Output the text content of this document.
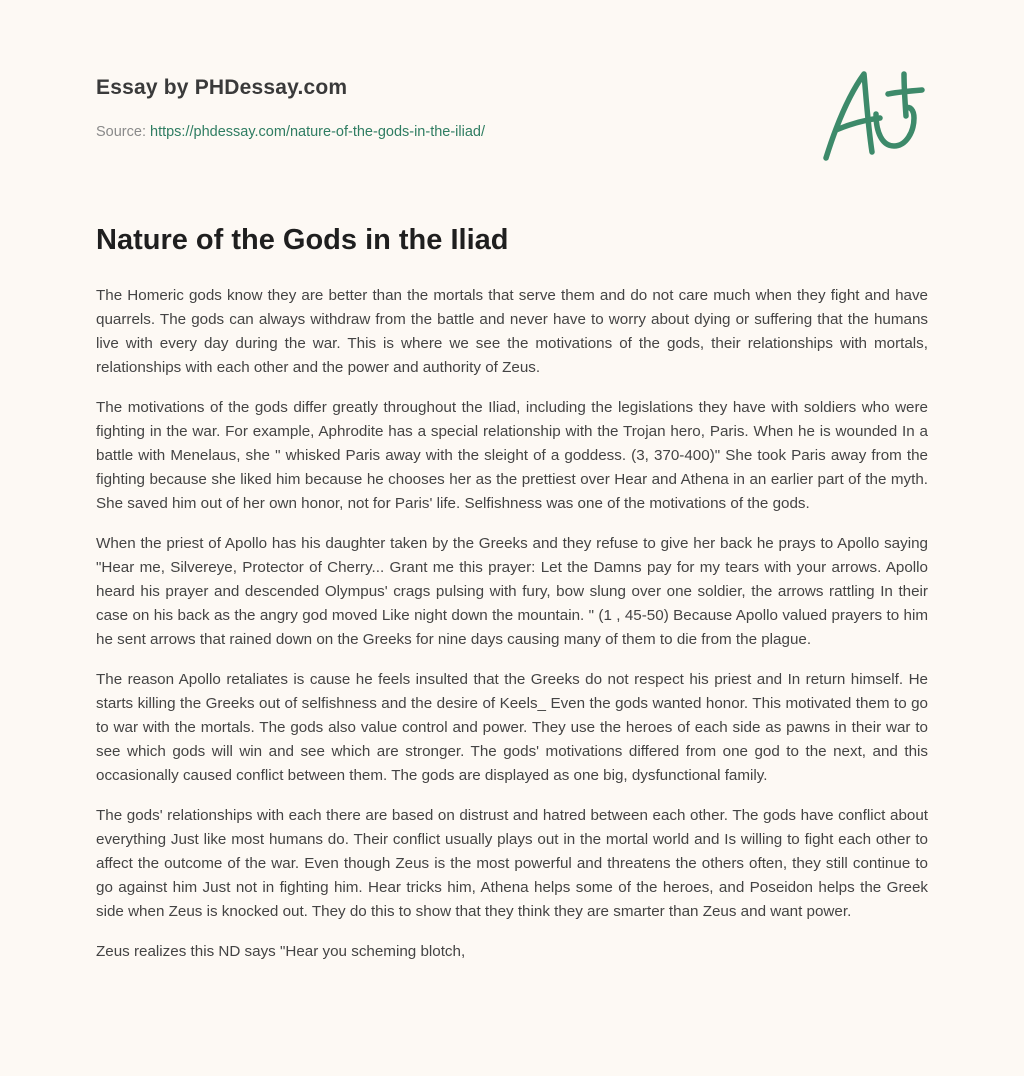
Essay by PHDessay.com

Source: https://phdessay.com/nature-of-the-gods-in-the-iliad/

Nature of the Gods in the Iliad

The Homeric gods know they are better than the mortals that serve them and do not care much when they fight and have quarrels. The gods can always withdraw from the battle and never have to worry about dying or suffering that the humans live with every day during the war. This is where we see the motivations of the gods, their relationships with mortals, relationships with each other and the power and authority of Zeus.

The motivations of the gods differ greatly throughout the Iliad, including the legislations they have with soldiers who were fighting in the war. For example, Aphrodite has a special relationship with the Trojan hero, Paris. When he is wounded In a battle with Menelaus, she " whisked Paris away with the sleight of a goddess. (3, 370-400)" She took Paris away from the fighting because she liked him because he chooses her as the prettiest over Hear and Athena in an earlier part of the myth. She saved him out of her own honor, not for Paris' life. Selfishness was one of the motivations of the gods.

When the priest of Apollo has his daughter taken by the Greeks and they refuse to give her back he prays to Apollo saying "Hear me, Silvereye, Protector of Cherry... Grant me this prayer: Let the Damns pay for my tears with your arrows. Apollo heard his prayer and descended Olympus' crags pulsing with fury, bow slung over one soldier, the arrows rattling In their case on his back as the angry god moved Like night down the mountain. " (1 , 45-50) Because Apollo valued prayers to him he sent arrows that rained down on the Greeks for nine days causing many of them to die from the plague.

The reason Apollo retaliates is cause he feels insulted that the Greeks do not respect his priest and In return himself. He starts killing the Greeks out of selfishness and the desire of Keels_ Even the gods wanted honor. This motivated them to go to war with the mortals. The gods also value control and power. They use the heroes of each side as pawns in their war to see which gods will win and see which are stronger. The gods' motivations differed from one god to the next, and this occasionally caused conflict between them. The gods are displayed as one big, dysfunctional family.

The gods' relationships with each there are based on distrust and hatred between each other. The gods have conflict about everything Just like most humans do. Their conflict usually plays out in the mortal world and Is willing to fight each other to affect the outcome of the war. Even though Zeus is the most powerful and threatens the others often, they still continue to go against him Just not in fighting him. Hear tricks him, Athena helps some of the heroes, and Poseidon helps the Greek side when Zeus is knocked out. They do this to show that they think they are smarter than Zeus and want power.

Zeus realizes this ND says "Hear you scheming blotch,
